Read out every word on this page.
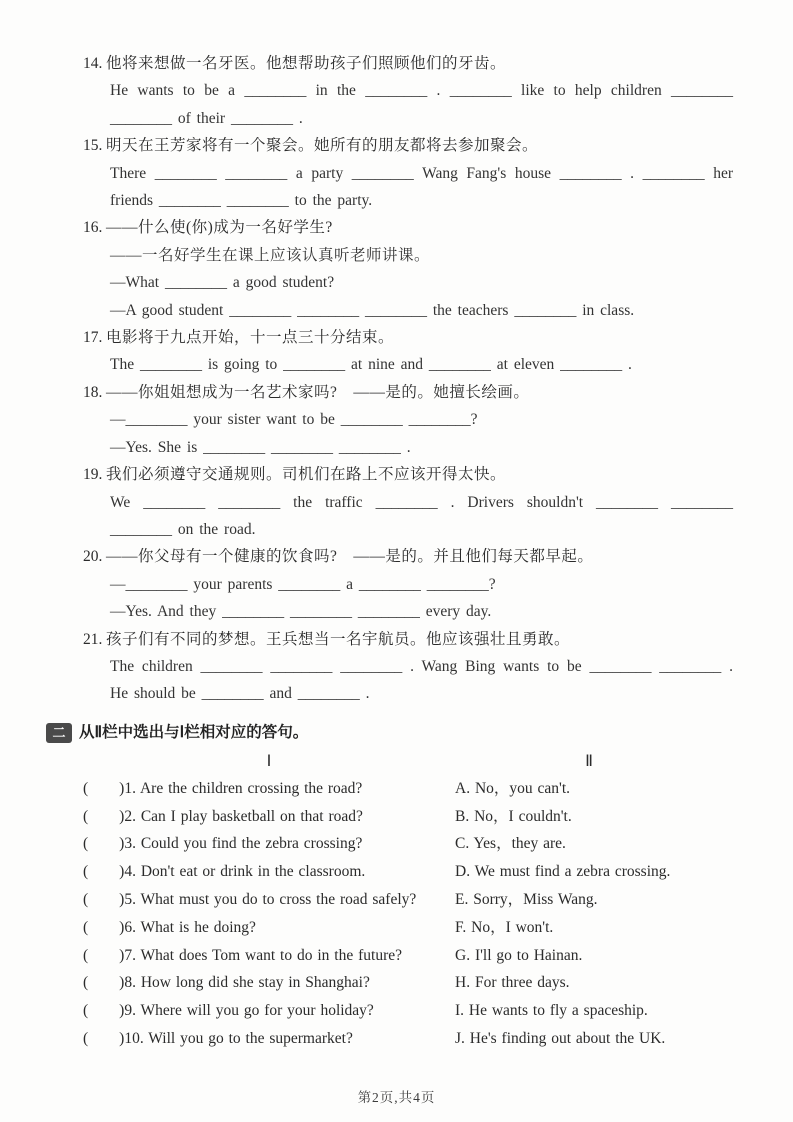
14. 他将来想做一名牙医。他想帮助孩子们照顾他们的牙齿。
He wants to be a ________ in the ________ . ________ like to help children ________
________ of their ________ .
15. 明天在王芳家将有一个聚会。她所有的朋友都将去参加聚会。
There ________ ________ a party ________ Wang Fang's house ________ . ________ her
friends ________ ________ to the party.
16. ——什么使(你)成为一名好学生?
——一名好学生在课上应该认真听老师讲课。
—What ________ a good student?
—A good student ________ ________ ________ the teachers ________ in class.
17. 电影将于九点开始，十一点三十分结束。
The ________ is going to ________ at nine and ________ at eleven ________ .
18. ——你姐姐想成为一名艺术家吗?　——是的。她擅长绘画。
—________ your sister want to be ________ ________?
—Yes. She is ________ ________ ________ .
19. 我们必须遵守交通规则。司机们在路上不应该开得太快。
We ________ ________ the traffic ________ . Drivers shouldn't ________ ________
________ on the road.
20. ——你父母有一个健康的饮食吗?　——是的。并且他们每天都早起。
—________ your parents ________ a ________ ________?
—Yes. And they ________ ________ ________ every day.
21. 孩子们有不同的梦想。王兵想当一名宇航员。他应该强壮且勇敢。
The children ________ ________ ________ . Wang Bing wants to be ________ ________ .
He should be ________ and ________ .
二 从Ⅱ栏中选出与Ⅰ栏相对应的答句。
Ⅰ	Ⅱ
(　　)1. Are the children crossing the road?	A. No，you can't.
(　　)2. Can I play basketball on that road?	B. No，I couldn't.
(　　)3. Could you find the zebra crossing?	C. Yes，they are.
(　　)4. Don't eat or drink in the classroom.	D. We must find a zebra crossing.
(　　)5. What must you do to cross the road safely?	E. Sorry，Miss Wang.
(　　)6. What is he doing?	F. No，I won't.
(　　)7. What does Tom want to do in the future?	G. I'll go to Hainan.
(　　)8. How long did she stay in Shanghai?	H. For three days.
(　　)9. Where will you go for your holiday?	I. He wants to fly a spaceship.
(　　)10. Will you go to the supermarket?	J. He's finding out about the UK.
第2页,共4页
